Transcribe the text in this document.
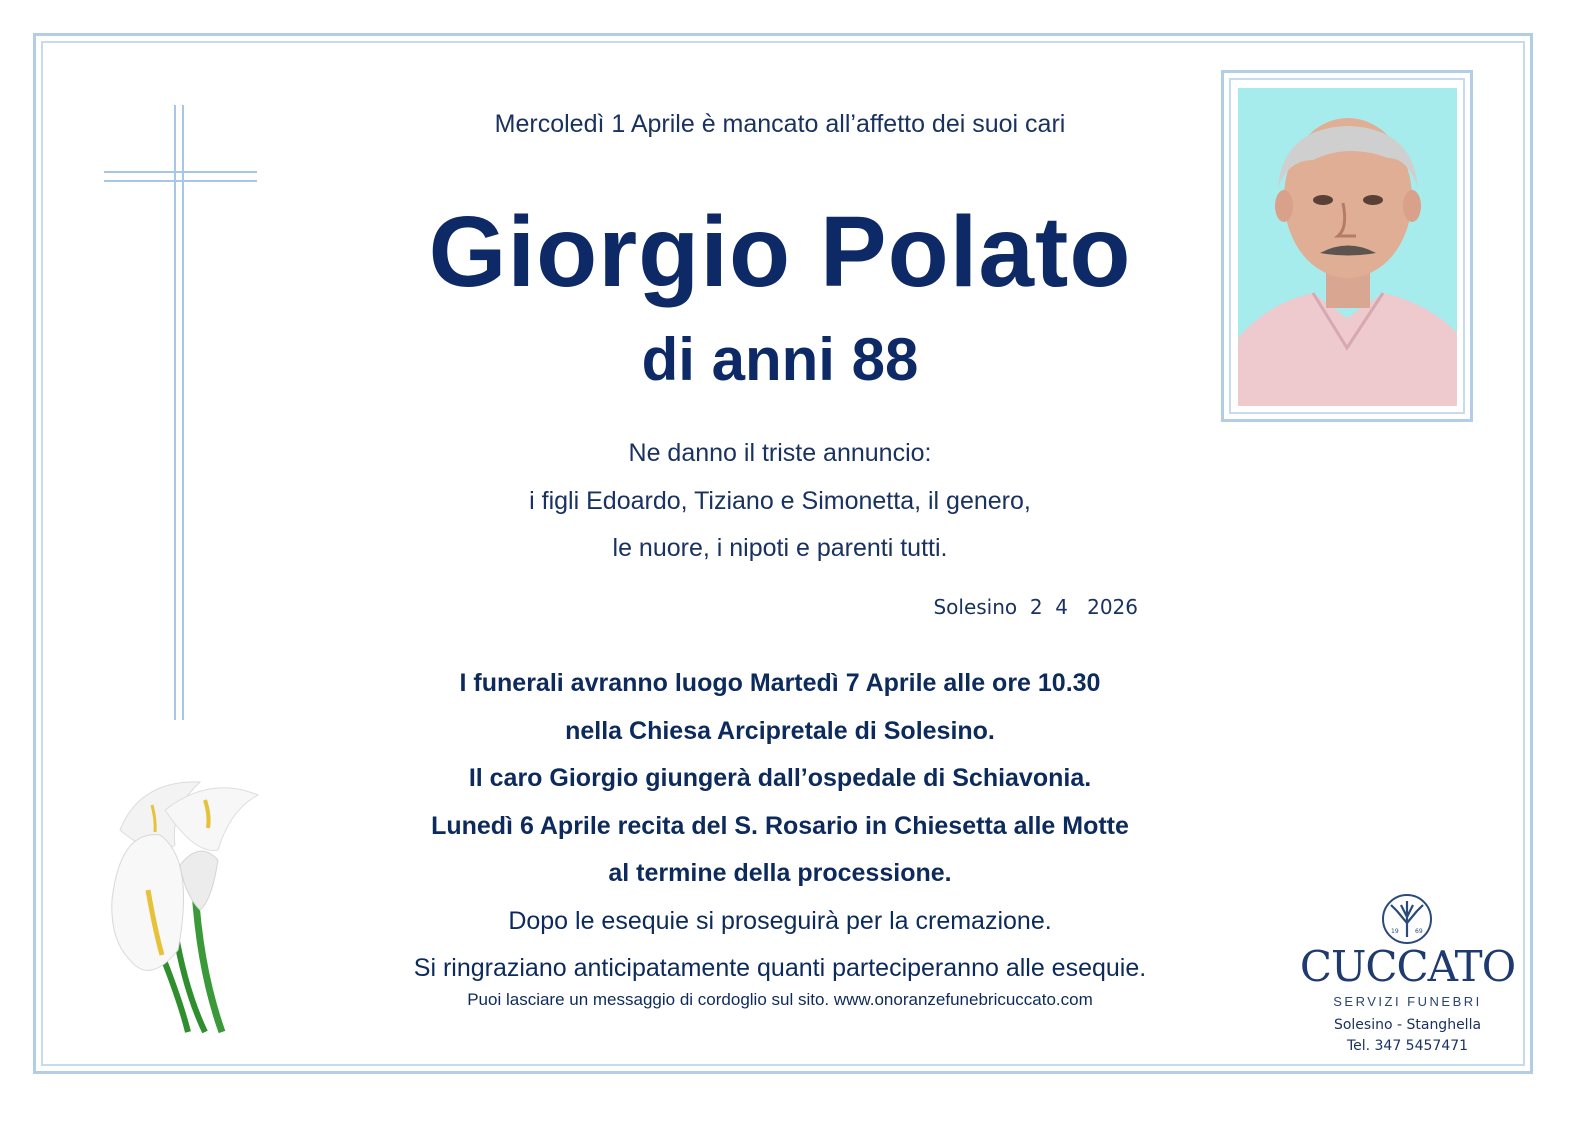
Mercoledì 1 Aprile è mancato all’affetto dei suoi cari
Giorgio Polato
di anni 88
Ne danno il triste annuncio:
i figli Edoardo, Tiziano e Simonetta, il genero,
le nuore, i nipoti e parenti tutti.
Solesino  2  4   2026
I funerali avranno luogo Martedì 7 Aprile alle ore 10.30
nella Chiesa Arcipretale di Solesino.
Il caro Giorgio giungerà dall’ospedale di Schiavonia.
Lunedì 6 Aprile recita del S. Rosario in Chiesetta alle Motte
al termine della processione.
Dopo le esequie si proseguirà per la cremazione.
Si ringraziano anticipatamente quanti parteciperanno alle esequie.
Puoi lasciare un messaggio di cordoglio sul sito. www.onoranzefunebricuccato.com
19	69
CUCCATO
SERVIZI FUNEBRI
Solesino - Stanghella
Tel. 347 5457471
